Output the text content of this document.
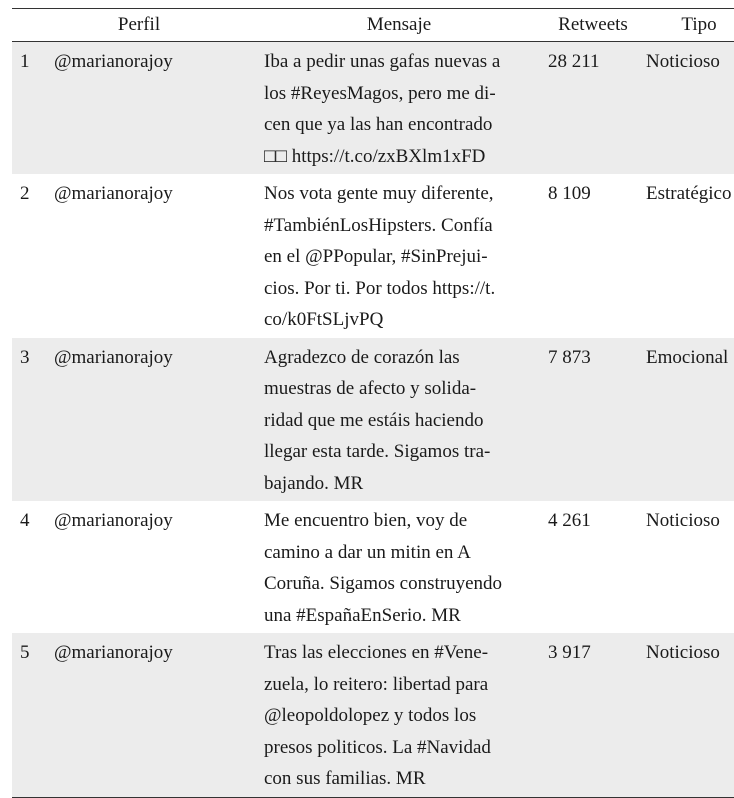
	Perfil	Mensaje	Retweets	Tipo
1	@marianorajoy	Iba a pedir unas gafas nuevas a
los #ReyesMagos, pero me di-
cen que ya las han encontrado
□□ https://t.co/zxBXlm1xFD	28 211	Noticioso
2	@marianorajoy	Nos vota gente muy diferente,
#TambiénLosHipsters. Confía
en el @PPopular, #SinPrejui-
cios. Por ti. Por todos https://t.
co/k0FtSLjvPQ	8 109	Estratégico
3	@marianorajoy	Agradezco de corazón las
muestras de afecto y solida-
ridad que me estáis haciendo
llegar esta tarde. Sigamos tra-
bajando. MR	7 873	Emocional
4	@marianorajoy	Me encuentro bien, voy de
camino a dar un mitin en A
Coruña. Sigamos construyendo
una #EspañaEnSerio. MR	4 261	Noticioso
5	@marianorajoy	Tras las elecciones en #Vene-
zuela, lo reitero: libertad para
@leopoldolopez y todos los
presos politicos. La #Navidad
con sus familias. MR	3 917	Noticioso
